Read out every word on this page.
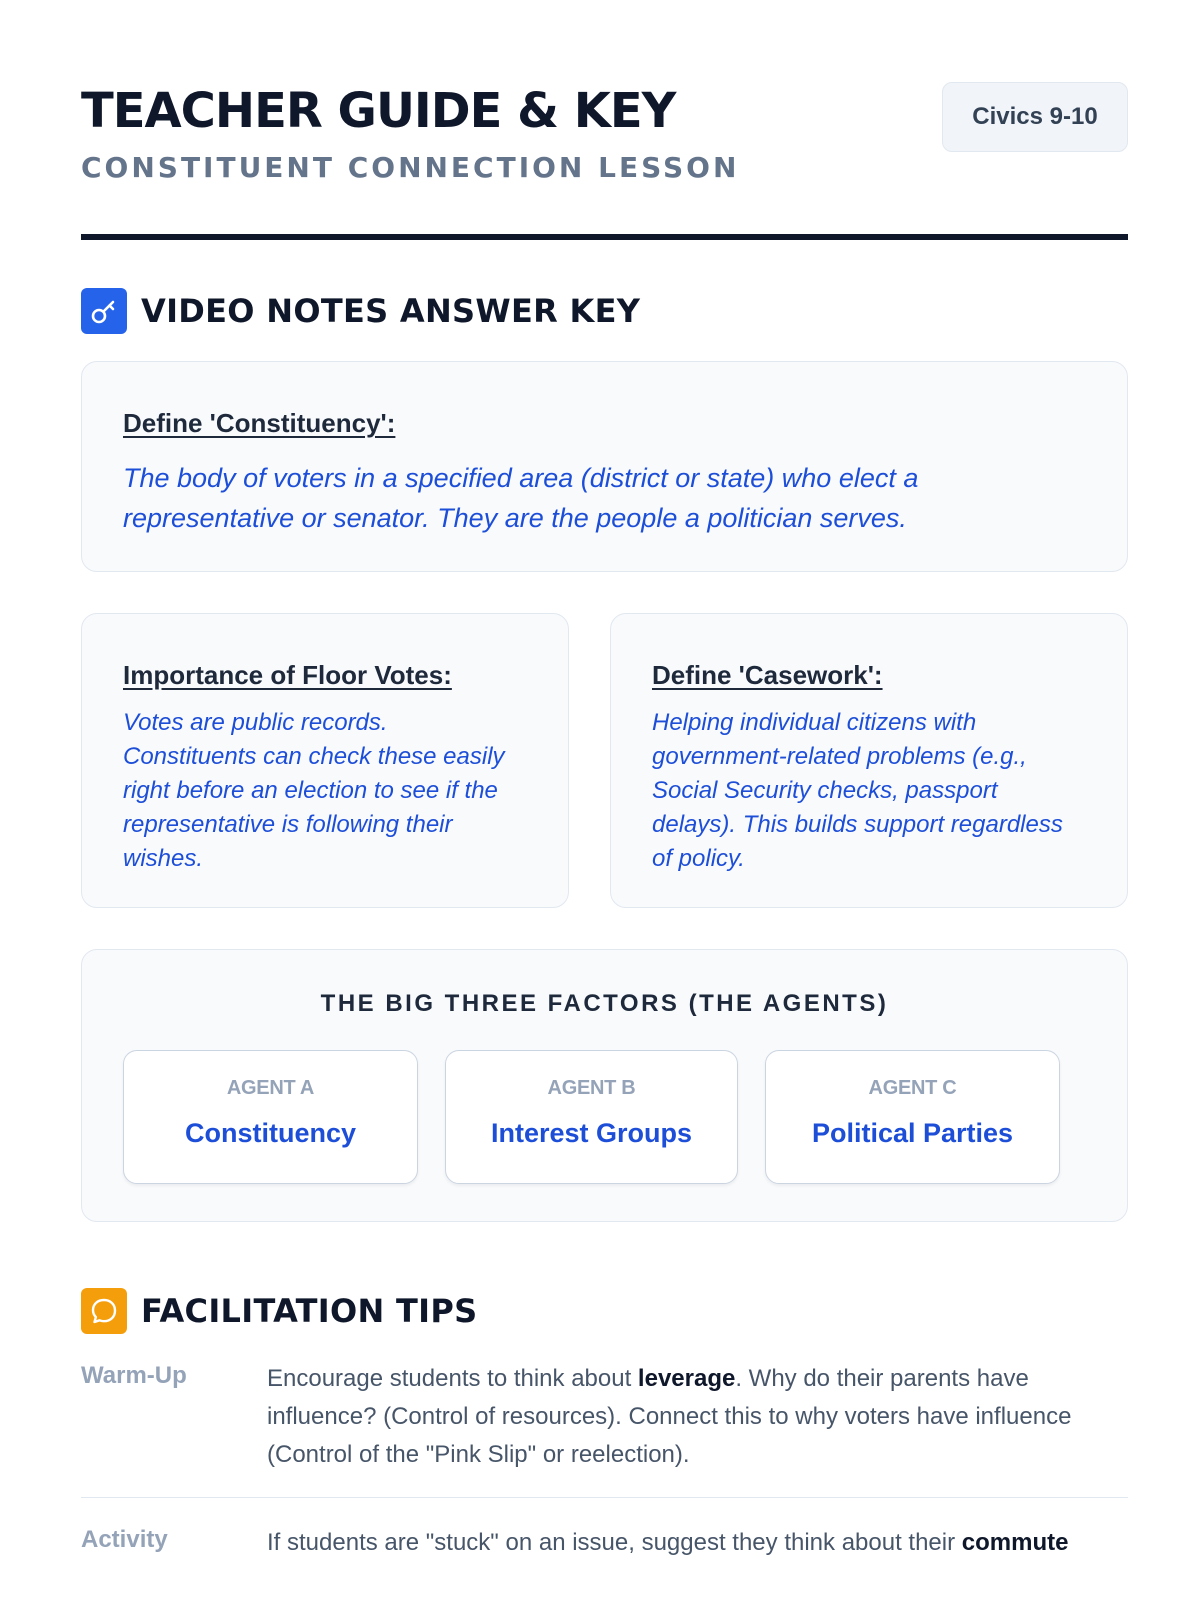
TEACHER GUIDE & KEY
CONSTITUENT CONNECTION LESSON
Civics 9-10
VIDEO NOTES ANSWER KEY
Define 'Constituency':
The body of voters in a specified area (district or state) who elect a representative or senator. They are the people a politician serves.
Importance of Floor Votes:
Votes are public records. Constituents can check these easily right before an election to see if the representative is following their wishes.
Define 'Casework':
Helping individual citizens with government-related problems (e.g., Social Security checks, passport delays). This builds support regardless of policy.
THE BIG THREE FACTORS (THE AGENTS)
AGENT A
Constituency
AGENT B
Interest Groups
AGENT C
Political Parties
FACILITATION TIPS
Warm-Up	Encourage students to think about leverage. Why do their parents have influence? (Control of resources). Connect this to why voters have influence (Control of the "Pink Slip" or reelection).
Activity	If students are "stuck" on an issue, suggest they think about their commute
